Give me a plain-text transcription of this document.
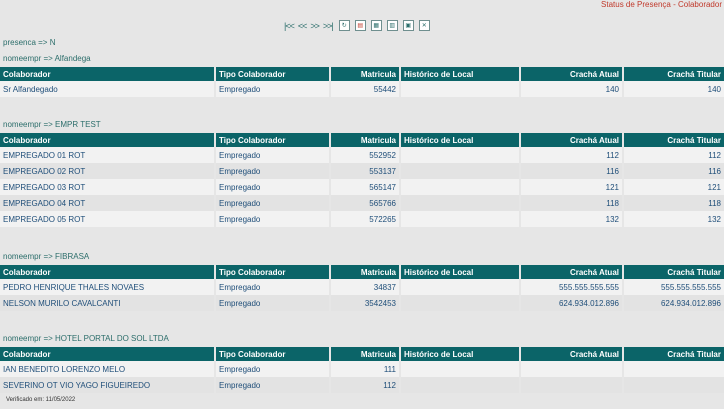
Status de Presença - Colaborador
|<< << >> >>|	↻	▤	▦	▥	▣	✕
presenca => N
nomeempr => Alfandega
Colaborador	Tipo Colaborador	Matricula	Histórico de Local	Crachá Atual	Crachá Titular
Sr Alfandegado	Empregado	55442		140	140
nomeempr => EMPR TEST
Colaborador	Tipo Colaborador	Matricula	Histórico de Local	Crachá Atual	Crachá Titular
EMPREGADO 01 ROT	Empregado	552952		112	112
EMPREGADO 02 ROT	Empregado	553137		116	116
EMPREGADO 03 ROT	Empregado	565147		121	121
EMPREGADO 04 ROT	Empregado	565766		118	118
EMPREGADO 05 ROT	Empregado	572265		132	132
nomeempr => FIBRASA
Colaborador	Tipo Colaborador	Matricula	Histórico de Local	Crachá Atual	Crachá Titular
PEDRO HENRIQUE THALES NOVAES	Empregado	34837		555.555.555.555	555.555.555.555
NELSON MURILO CAVALCANTI	Empregado	3542453		624.934.012.896	624.934.012.896
nomeempr => HOTEL PORTAL DO SOL LTDA
Colaborador	Tipo Colaborador	Matricula	Histórico de Local	Crachá Atual	Crachá Titular
IAN BENEDITO LORENZO MELO	Empregado	111			
SEVERINO OT VIO YAGO FIGUEIREDO	Empregado	112			
Verificado em: 11/05/2022
